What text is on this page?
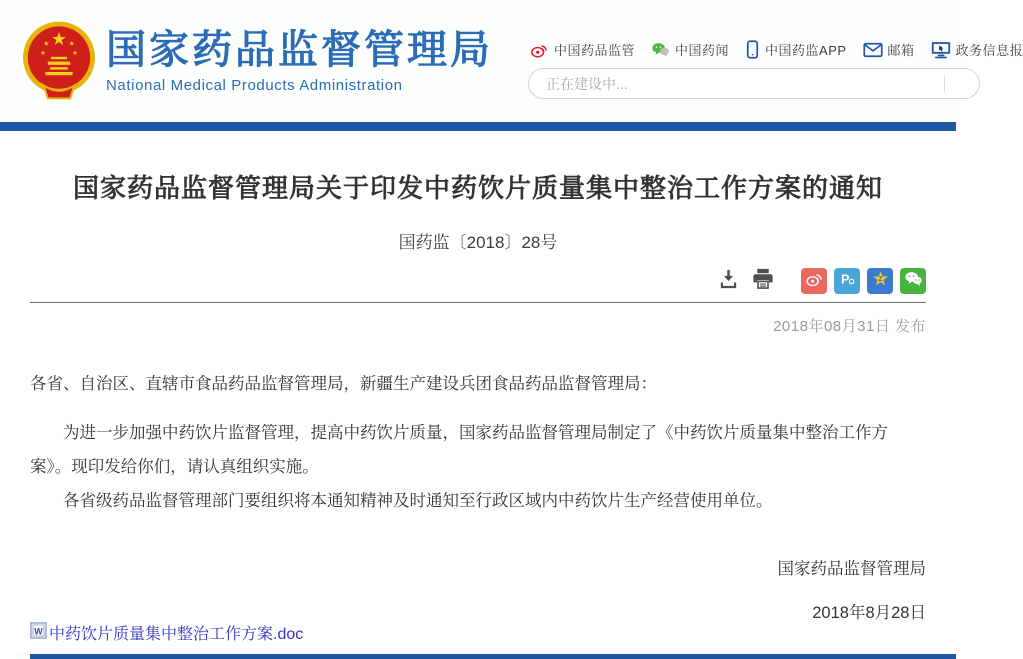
★ ★
★	★ 国家药品监督管理局
National Medical Products Administration
中国药品监管	中国药闻	中国药监APP	邮箱	政务信息报
正在建设中...
国家药品监督管理局关于印发中药饮片质量集中整治工作方案的通知
国药监〔2018〕28号
P	Z
2018年08月31日 发布

各省、自治区、直辖市食品药品监督管理局，新疆生产建设兵团食品药品监督管理局：

为进一步加强中药饮片监督管理，提高中药饮片质量，国家药品监督管理局制定了《中药饮片质量集中整治工作方案》。现印发给你们，请认真组织实施。

各省级药品监督管理部门要组织将本通知精神及时通知至行政区域内中药饮片生产经营使用单位。

国家药品监督管理局
2018年8月28日
W 中药饮片质量集中整治工作方案.doc
